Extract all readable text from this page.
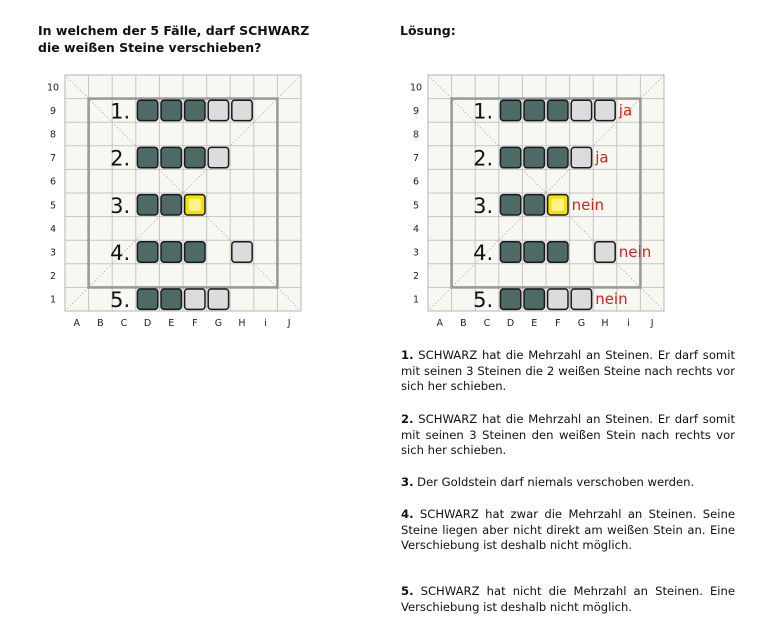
In welchem der 5 Fälle, darf SCHWARZ
die weißen Steine verschieben?
Lösung:
10
9
8
7
6
5
4
3
2
1
A B C D E F G H i J
1.
2.
3.
4.
5.
10
9
8
7
6
5
4
3
2
1
A B C D E F G H i J
1.	ja
2.	ja
3.	nein
4.	nein
5.	nein
1. SCHWARZ hat die Mehrzahl an Steinen. Er darf somit mit seinen 3 Steinen die 2 weißen Steine nach rechts vor sich her schieben.
2. SCHWARZ hat die Mehrzahl an Steinen. Er darf somit mit seinen 3 Steinen den weißen Stein nach rechts vor sich her schieben.
3. Der Goldstein darf niemals verschoben werden.
4. SCHWARZ hat zwar die Mehrzahl an Steinen. Seine Steine liegen aber nicht direkt am weißen Stein an. Eine Verschiebung ist deshalb nicht möglich.
5. SCHWARZ hat nicht die Mehrzahl an Steinen. Eine Verschiebung ist deshalb nicht möglich.
